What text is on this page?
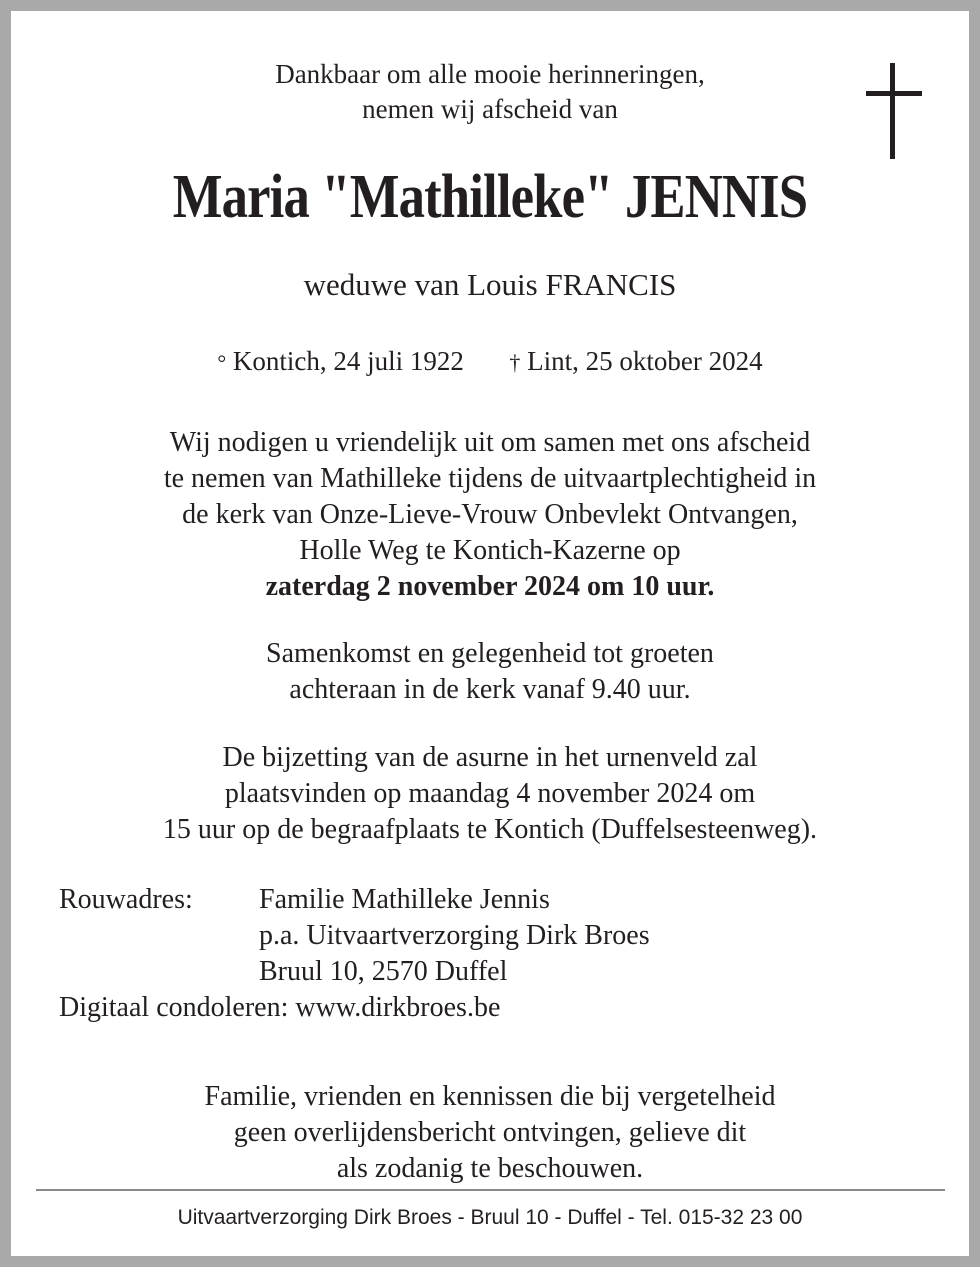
Dankbaar om alle mooie herinneringen,
nemen wij afscheid van
Maria "Mathilleke" JENNIS
weduwe van Louis FRANCIS
° Kontich, 24 juli 1922 † Lint, 25 oktober 2024
Wij nodigen u vriendelijk uit om samen met ons afscheid
te nemen van Mathilleke tijdens de uitvaartplechtigheid in
de kerk van Onze-Lieve-Vrouw Onbevlekt Ontvangen,
Holle Weg te Kontich-Kazerne op
zaterdag 2 november 2024 om 10 uur.
Samenkomst en gelegenheid tot groeten
achteraan in de kerk vanaf 9.40 uur.
De bijzetting van de asurne in het urnenveld zal
plaatsvinden op maandag 4 november 2024 om
15 uur op de begraafplaats te Kontich (Duffelsesteenweg).
Rouwadres:	Familie Mathilleke Jennis
p.a. Uitvaartverzorging Dirk Broes
Bruul 10, 2570 Duffel
Digitaal condoleren: www.dirkbroes.be
Familie, vrienden en kennissen die bij vergetelheid
geen overlijdensbericht ontvingen, gelieve dit
als zodanig te beschouwen.
Uitvaartverzorging Dirk Broes - Bruul 10 - Duffel - Tel. 015-32 23 00
